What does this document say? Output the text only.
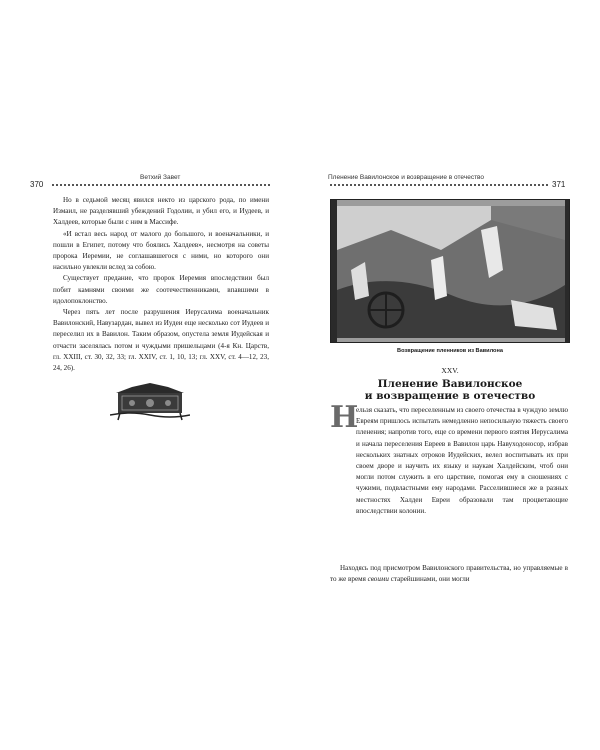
Ветхий Завет
370

Но в седьмой месяц явился некто из царского рода, по имени Измаил, не разделявший убеждений Годолии, и убил его, и Иудеев, и Халдеев, которые были с ним в Массифе.

«И встал весь народ от малого до большого, и военачальники, и пошли в Египет, потому что боялись Халдеев», несмотря на советы пророка Иеремии, не соглашавшегося с ними, но которого они насильно увлекли вслед за собою.

Существует предание, что пророк Иеремия впоследствии был побит камнями своими же соотечественниками, впавшими в идолопоклонство.

Через пять лет после разрушения Иерусалима военачальник Вавилонский, Навузардан, вывел из Иудеи еще несколько сот Иудеев и переселил их в Вавилон. Таким образом, опустела земля Иудейская и отчасти заселялась потом и чуждыми пришельцами (4-я Кн. Царств, гл. XXIII, ст. 30, 32, 33; гл. XXIV, ст. 1, 10, 13; гл. XXV, ст. 4—12, 23, 24, 26).

Пленение Вавилонское и возвращение в отечество
371
Возвращение пленников из Вавилона
XXV.
Пленение Вавилонское
и возвращение в отечество
Н

ельзя сказать, что переселенным из своего отечества в чуждую землю Евреям пришлось испытать немедленно непосильную тяжесть своего пленения; напротив того, еще со времени первого взятия Иерусалима и начала переселения Евреев в Вавилон царь Навуходоносор, избрав нескольких знатных отроков Иудейских, велел воспитывать их при своем дворе и научить их языку и наукам Халдейским, чтоб они могли потом служить в его царствие, помогая ему в сношениях с чужими, подвластными ему народами. Расселившиеся же в разных местностях Халдеи Евреи образовали там процветающие впоследствии колонии.

Находясь под присмотром Вавилонского правительства, но управляемые в то же время своими старейшинами, они могли
